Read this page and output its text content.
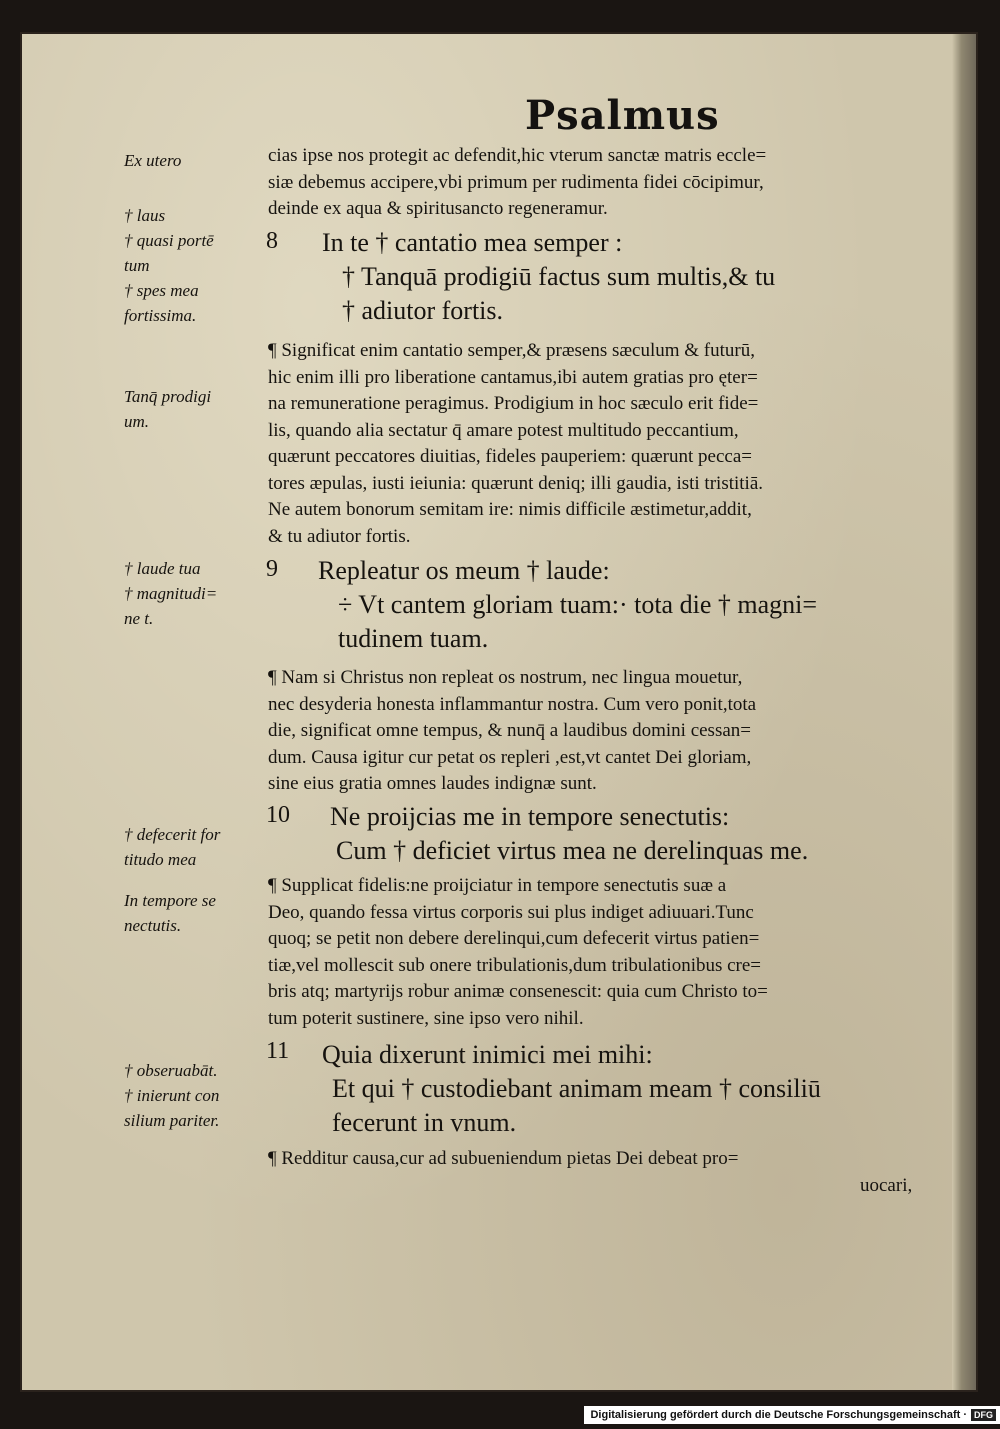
Psalmus
Ex utero
† laus
† quasi portē
tum
† spes mea
fortissima.
Tanq̄ prodigi
um.
† laude tua
† magnitudi=
ne t.
† defecerit for
titudo mea
In tempore se
nectutis.
† obseruabāt.
† inierunt con
silium pariter.
8
9
10
11
cias ipse nos protegit ac defendit,hic vterum sanctæ matris eccle=
siæ debemus accipere,vbi primum per rudimenta fidei cōcipimur,
deinde ex aqua & spiritusancto regeneramur.
In te † cantatio mea semper :
† Tanquā prodigiū factus sum multis,& tu
† adiutor fortis.
¶ Significat enim cantatio semper,& præsens sæculum & futurū,
hic enim illi pro liberatione cantamus,ibi autem gratias pro ęter=
na remuneratione peragimus. Prodigium in hoc sæculo erit fide=
lis, quando alia sectatur q̄ amare potest multitudo peccantium,
quærunt peccatores diuitias, fideles pauperiem: quærunt pecca=
tores æpulas, iusti ieiunia: quærunt deniq; illi gaudia, isti tristitiā.
Ne autem bonorum semitam ire: nimis difficile æstimetur,addit,
& tu adiutor fortis.
Repleatur os meum † laude:
÷ Vt cantem gloriam tuam:· tota die † magni=
tudinem tuam.
¶ Nam si Christus non repleat os nostrum, nec lingua mouetur,
nec desyderia honesta inflammantur nostra. Cum vero ponit,tota
die, significat omne tempus, & nunq̄ a laudibus domini cessan=
dum. Causa igitur cur petat os repleri ,est,vt cantet Dei gloriam,
sine eius gratia omnes laudes indignæ sunt.
Ne proijcias me in tempore senectutis:
Cum † deficiet virtus mea ne derelinquas me.
¶ Supplicat fidelis:ne proijciatur in tempore senectutis suæ a
Deo, quando fessa virtus corporis sui plus indiget adiuuari.Tunc
quoq; se petit non debere derelinqui,cum defecerit virtus patien=
tiæ,vel mollescit sub onere tribulationis,dum tribulationibus cre=
bris atq; martyrijs robur animæ consenescit: quia cum Christo to=
tum poterit sustinere, sine ipso vero nihil.
Quia dixerunt inimici mei mihi:
Et qui † custodiebant animam meam † consiliū
fecerunt in vnum.
¶ Redditur causa,cur ad subueniendum pietas Dei debeat pro=
uocari,
Digitalisierung gefördert durch die Deutsche Forschungsgemeinschaft · DFG
